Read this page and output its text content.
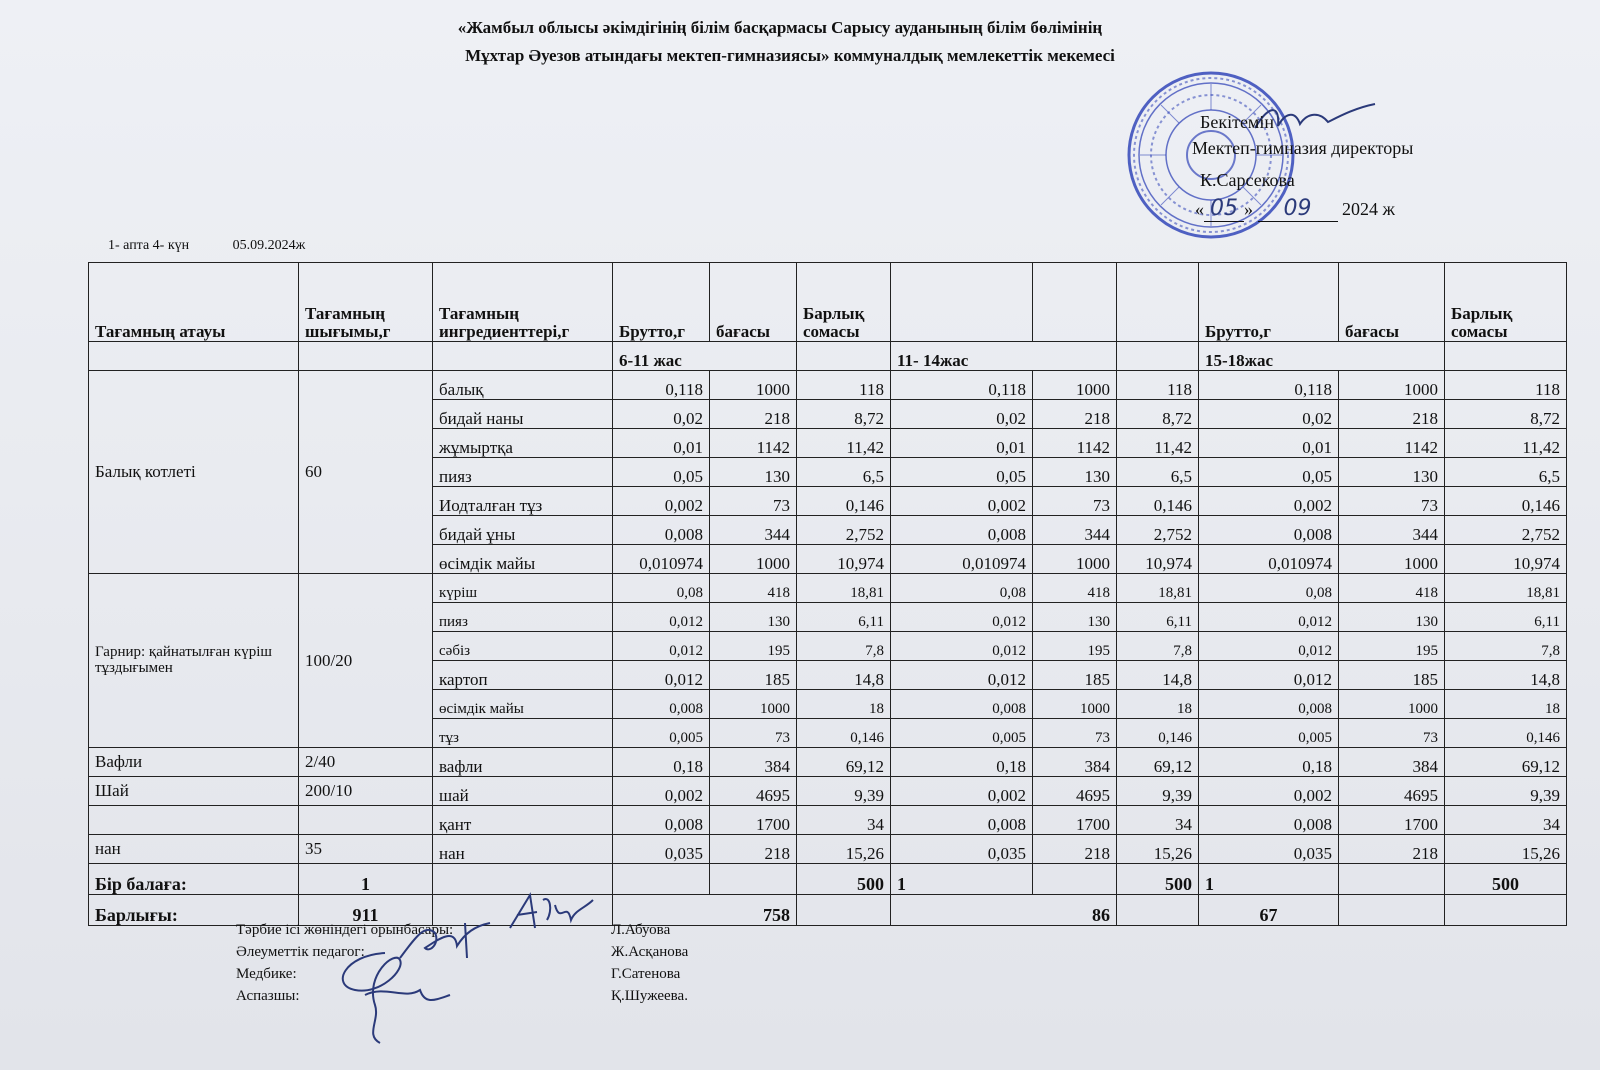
«Жамбыл облысы әкімдігінің білім басқармасы Сарысу ауданының білім бөлімінің
Мұхтар Әуезов атындағы мектеп-гимназиясы» коммуналдық мемлекеттік мекемесі
Бекітемін
Мектеп-гимназия директоры
К.Сарсекова
« 05 » 09 2024 ж
1- апта 4- күн	05.09.2024ж
Тағамның атауы	Тағамның шығымы,г	Тағамның ингредиенттері,г	Брутто,г	бағасы	Барлық сомасы				Брутто,г	бағасы	Барлық сомасы
			6-11 жас			11- 14жас			15-18жас		
Балық котлеті	60	балық	0,118	1000	118	0,118	1000	118	0,118	1000	118
		бидай наны	0,02	218	8,72	0,02	218	8,72	0,02	218	8,72
		жұмыртқа	0,01	1142	11,42	0,01	1142	11,42	0,01	1142	11,42
		пияз	0,05	130	6,5	0,05	130	6,5	0,05	130	6,5
		Иодталған тұз	0,002	73	0,146	0,002	73	0,146	0,002	73	0,146
		бидай ұны	0,008	344	2,752	0,008	344	2,752	0,008	344	2,752
		өсімдік майы	0,010974	1000	10,974	0,010974	1000	10,974	0,010974	1000	10,974
Гарнир: қайнатылған күріш тұздығымен	100/20	күріш	0,08	418	18,81	0,08	418	18,81	0,08	418	18,81
		пияз	0,012	130	6,11	0,012	130	6,11	0,012	130	6,11
		сәбіз	0,012	195	7,8	0,012	195	7,8	0,012	195	7,8
		картоп	0,012	185	14,8	0,012	185	14,8	0,012	185	14,8
		өсімдік майы	0,008	1000	18	0,008	1000	18	0,008	1000	18
		тұз	0,005	73	0,146	0,005	73	0,146	0,005	73	0,146
Вафли	2/40	вафли	0,18	384	69,12	0,18	384	69,12	0,18	384	69,12
Шай	200/10	шай	0,002	4695	9,39	0,002	4695	9,39	0,002	4695	9,39
		қант	0,008	1700	34	0,008	1700	34	0,008	1700	34
нан	35	нан	0,035	218	15,26	0,035	218	15,26	0,035	218	15,26
Бір балаға:	1				500	1		500	1		500
Барлығы:	911		758			86			67		
Тәрбие ісі жөніндегі орынбасары:	Л.Абуова
Әлеуметтік педагог:	Ж.Асқанова
Медбике:	Г.Сатенова
Аспазшы:	Қ.Шужеева.
